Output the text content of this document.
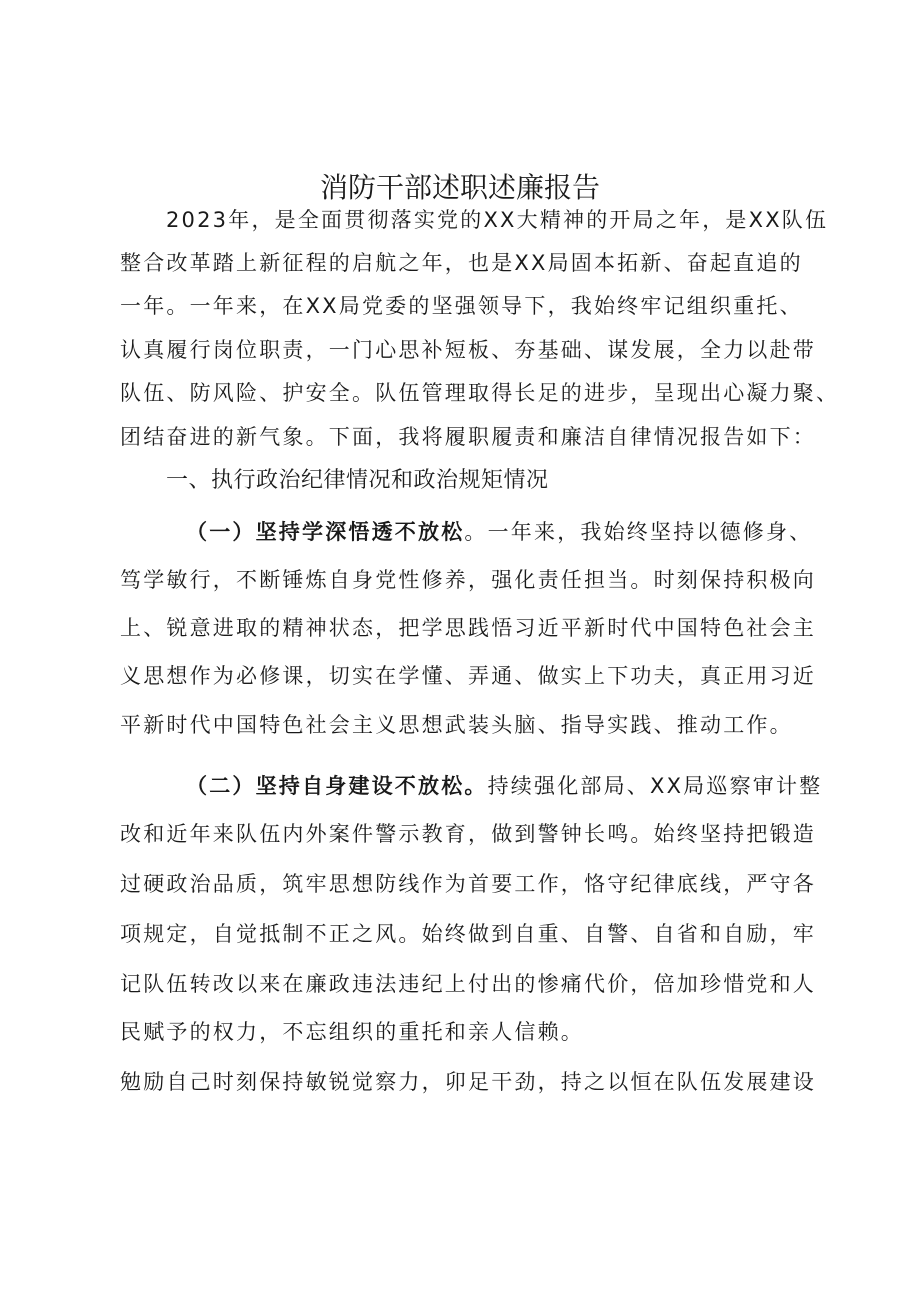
消防干部述职述廉报告
2023年，是全面贯彻落实党的XX大精神的开局之年，是XX队伍
整合改革踏上新征程的启航之年，也是XX局固本拓新、奋起直追的
一年。一年来，在XX局党委的坚强领导下，我始终牢记组织重托、
认真履行岗位职责，一门心思补短板、夯基础、谋发展，全力以赴带
队伍、防风险、护安全。队伍管理取得长足的进步，呈现出心凝力聚、
团结奋进的新气象。下面，我将履职履责和廉洁自律情况报告如下：
一、执行政治纪律情况和政治规矩情况
（一）坚持学深悟透不放松。一年来，我始终坚持以德修身、
笃学敏行，不断锤炼自身党性修养，强化责任担当。时刻保持积极向
上、锐意进取的精神状态，把学思践悟习近平新时代中国特色社会主
义思想作为必修课，切实在学懂、弄通、做实上下功夫，真正用习近
平新时代中国特色社会主义思想武装头脑、指导实践、推动工作。
（二）坚持自身建设不放松。持续强化部局、XX局巡察审计整
改和近年来队伍内外案件警示教育，做到警钟长鸣。始终坚持把锻造
过硬政治品质，筑牢思想防线作为首要工作，恪守纪律底线，严守各
项规定，自觉抵制不正之风。始终做到自重、自警、自省和自励，牢
记队伍转改以来在廉政违法违纪上付出的惨痛代价，倍加珍惜党和人
民赋予的权力，不忘组织的重托和亲人信赖。
勉励自己时刻保持敏锐觉察力，卯足干劲，持之以恒在队伍发展建设
